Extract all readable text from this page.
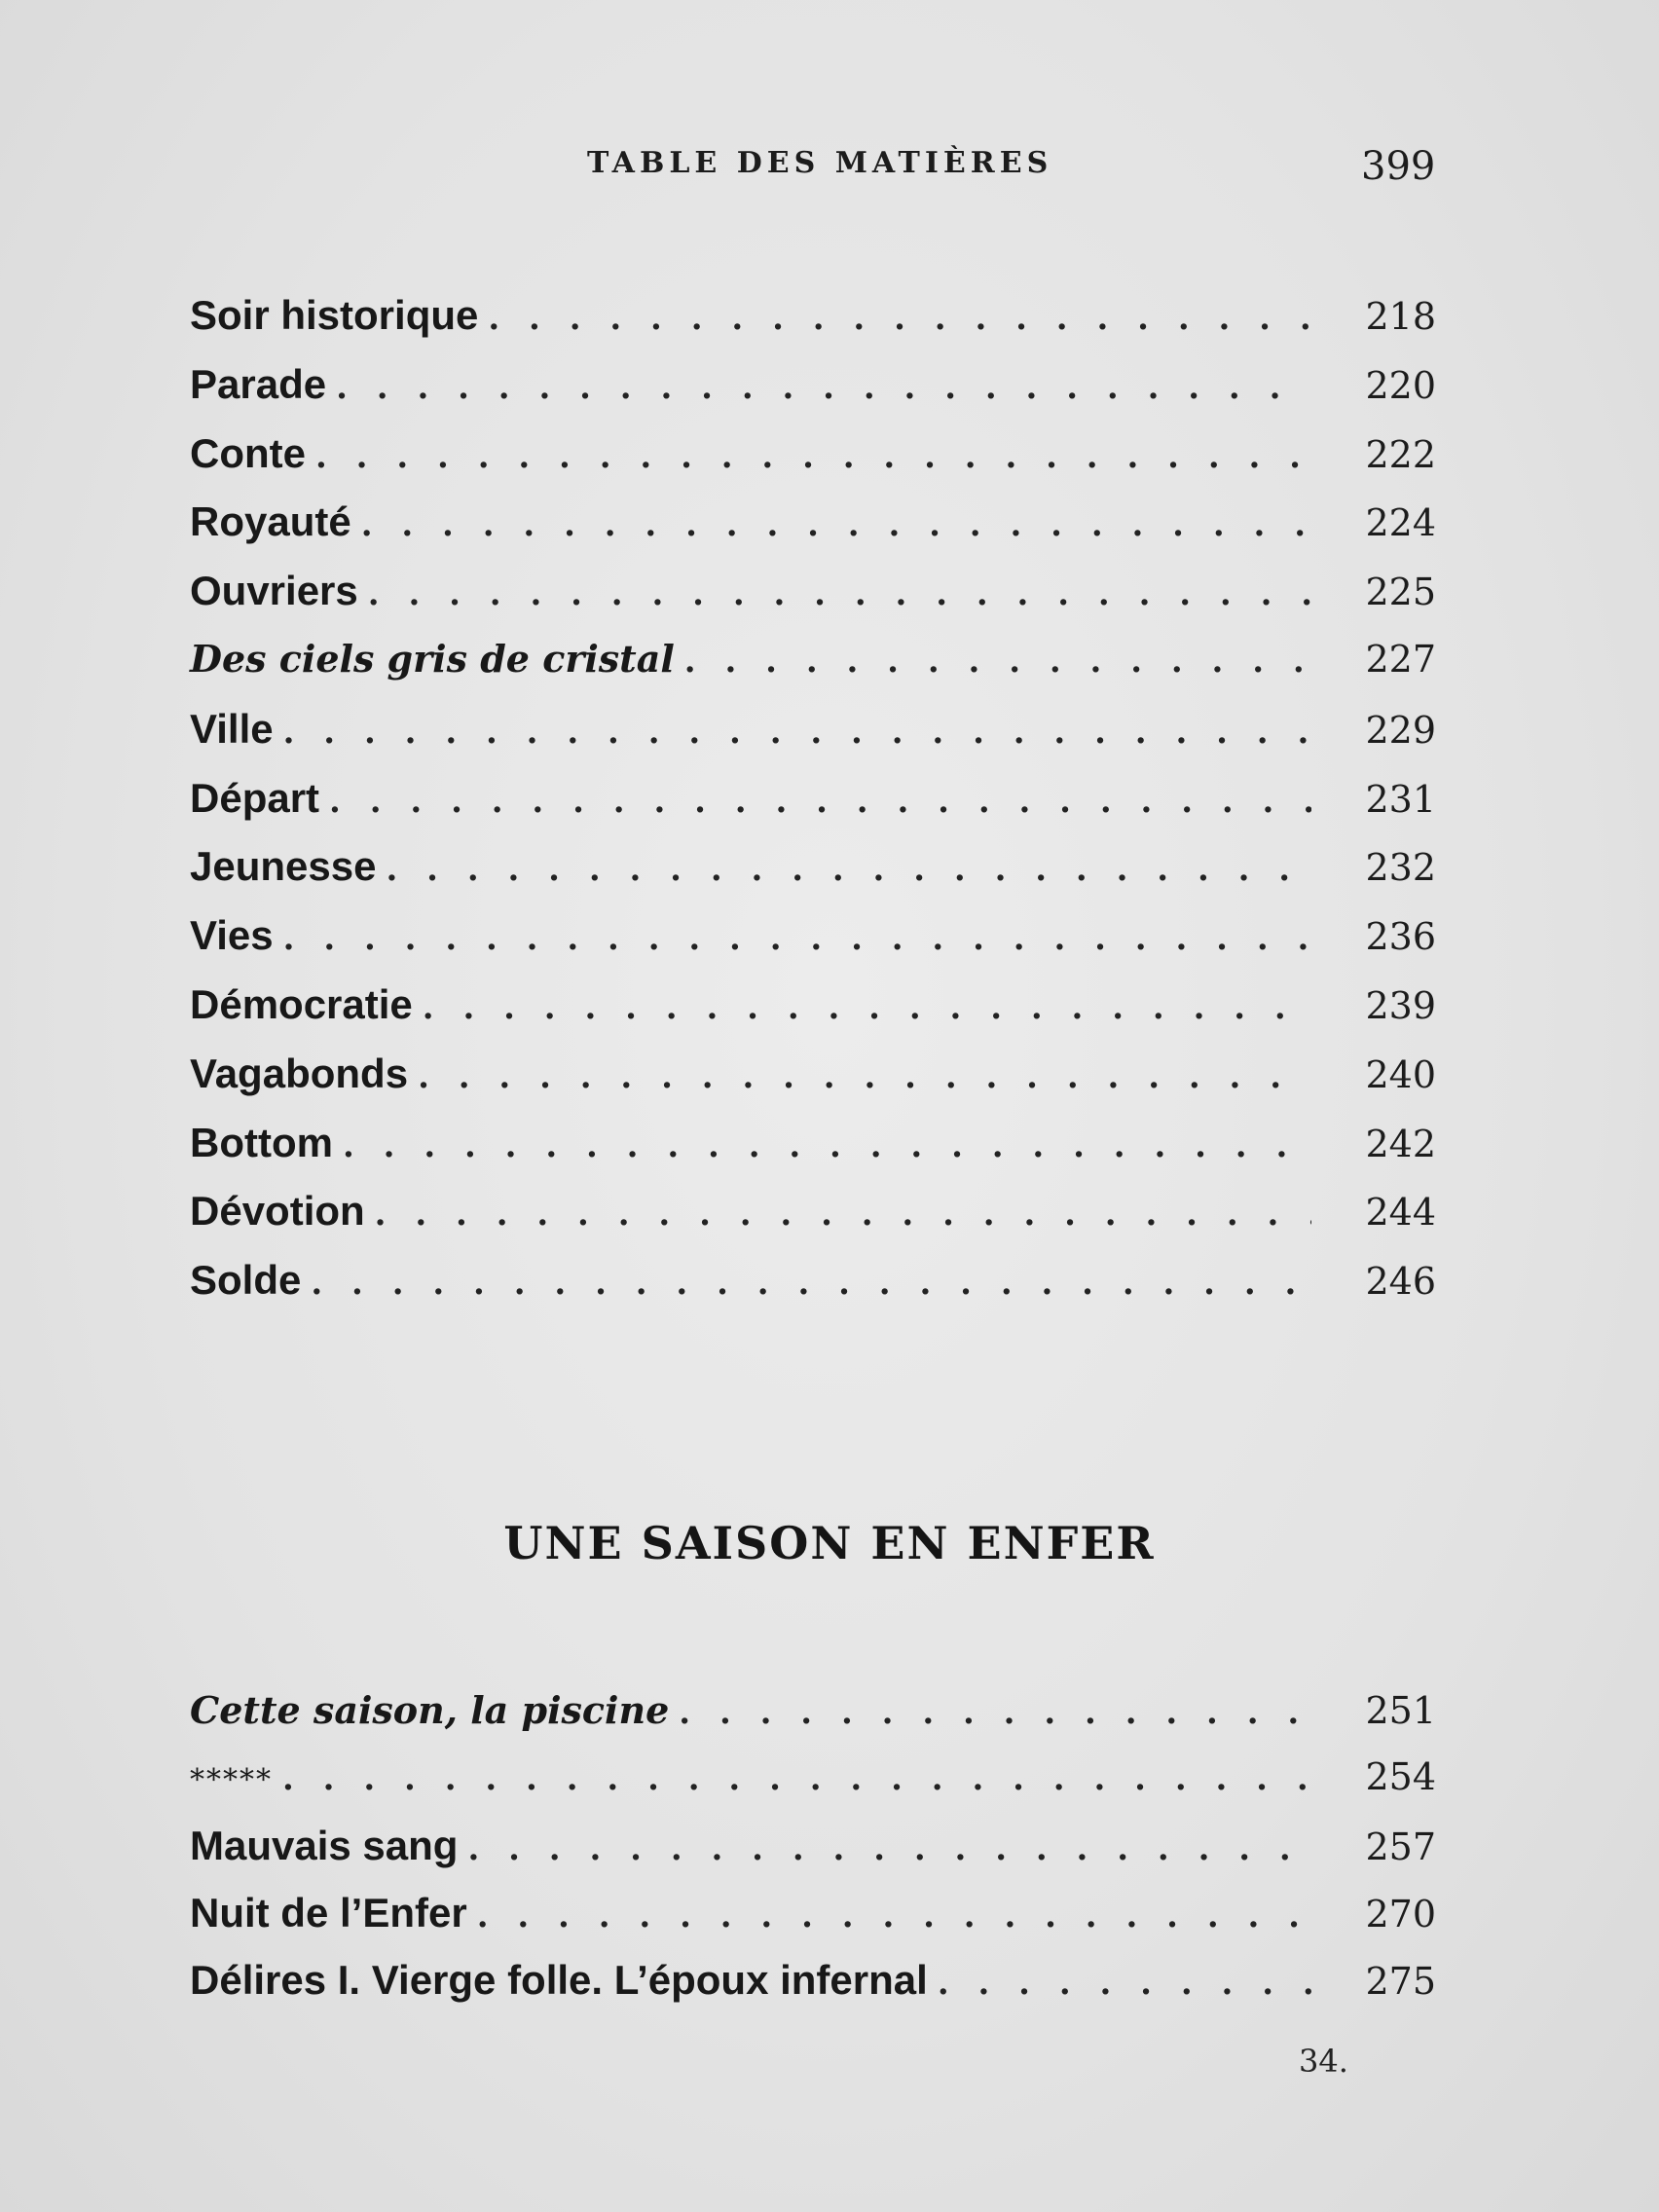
TABLE DES MATIÈRES	399
Soir historique . . .	218
Parade . . .	220
Conte . . .	222
Royauté . . .	224
Ouvriers . . .	225
Des ciels gris de cristal . . .	227
Ville . . .	229
Départ . . .	231
Jeunesse . . .	232
Vies . . .	236
Démocratie . . .	239
Vagabonds . . .	240
Bottom . . .	242
Dévotion . . .	244
Solde . . .	246
UNE SAISON EN ENFER
Cette saison, la piscine . . .	251
***** . . .	254
Mauvais sang . . .	257
Nuit de l’Enfer . . .	270
Délires I. Vierge folle. L’époux infernal . . .	275
34.
